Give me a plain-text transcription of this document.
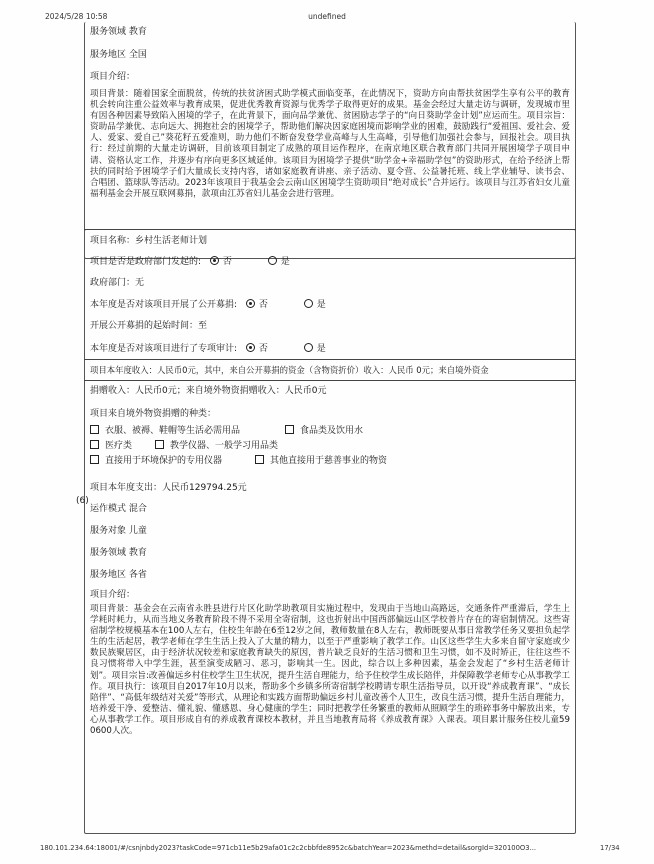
2024/5/28 10:58	undefined
服务领域 教育
服务地区 全国
项目介绍：
项目背景：随着国家全面脱贫，传统的扶贫济困式助学模式面临变革，在此情况下，资助方向由帮扶贫困学生享有公平的教育机会转向注重公益效率与教育成果，促进优秀教育资源与优秀学子取得更好的成果。基金会经过大量走访与调研，发现城市里有因各种因素导致陷入困境的学子，在此背景下，面向品学兼优、贫困励志学子的“向日葵助学金计划”应运而生。项目宗旨：资助品学兼优、志向远大、拥抱社会的困境学子，帮助他们解决因家庭困境而影响学业的困难，鼓励践行“爱祖国、爱社会、爱人、爱家、爱自己”葵花籽五爱准则，助力他们不断奋发登学业高峰与人生高峰，引导他们加强社会参与，回报社会。项目执行：经过前期的大量走访调研，目前该项目制定了成熟的项目运作程序，在南京地区联合教育部门共同开展困境学子项目申请、资格认定工作，并逐步有序向更多区域延伸。该项目为困境学子提供“助学金+幸福助学包”的资助形式，在给予经济上帮扶的同时给予困境学子们大量成长支持内容，诸如家庭教育讲座、亲子活动、夏令营、公益暑托班、线上学业辅导、读书会、合唱团、篮球队等活动。2023年该项目于我基金会云南山区困境学生资助项目“绝对成长”合并运行。该项目与江苏省妇女儿童福利基金会开展互联网募捐，款项由江苏省妇儿基金会进行管理。
(6)
项目名称：乡村生活老师计划
项目是否是政府部门发起的: 否	是
政府部门：无
本年度是否对该项目开展了公开募捐: 否	是
开展公开募捐的起始时间：至
本年度是否对该项目进行了专项审计: 否	是
项目本年度收入：人民币0元，其中，来自公开募捐的资金（含物资折价）收入：人民币 0元；来自境外资金
捐赠收入：人民币0元；来自境外物资捐赠收入：人民币0元
项目来自境外物资捐赠的种类：
衣服、被褥、鞋帽等生活必需用品	食品类及饮用水
医疗类	教学仪器、一般学习用品类
直接用于环境保护的专用仪器	其他直接用于慈善事业的物资
项目本年度支出：人民币129794.25元
运作模式 混合
服务对象 儿童
服务领域 教育
服务地区 各省
项目介绍：
项目背景：基金会在云南省永胜县进行片区化助学助教项目实施过程中，发现由于当地山高路远，交通条件严重滞后，学生上学耗时耗力，从而当地义务教育阶段不得不采用全寄宿制，这也折射出中国西部偏远山区学校普片存在的寄宿制情况。这些寄宿制学校规模基本在100人左右，住校生年龄在6至12岁之间，教师数量在8人左右，教师既要从事日常教学任务又要担负起学生的生活起居，教学老师在学生生活上投入了大量的精力，以至于严重影响了教学工作。山区这些学生大多来自留守家庭或少数民族聚居区，由于经济状况较差和家庭教育缺失的原因，普片缺乏良好的生活习惯和卫生习惯，如不及时矫正，往往这些不良习惯将带入中学生涯，甚至演变成陋习、恶习，影响其一生。因此，综合以上多种因素，基金会发起了“乡村生活老师计划”。项目宗旨:改善偏远乡村住校学生卫生状况，提升生活自理能力，给予住校学生成长陪伴，并保障教学老师专心从事教学工作。项目执行：该项目自2017年10月以来，帮助多个乡镇多所寄宿制学校聘请专职生活指导员，以开设“养成教育课”、“成长陪伴”、“高低年级结对关爱”等形式，从理论和实践方面帮助偏远乡村儿童改善个人卫生，改良生活习惯，提升生活自理能力，培养爱干净、爱整洁、懂礼貌、懂感恩、身心健康的学生；同时把教学任务繁重的教师从照顾学生的琐碎事务中解放出来，专心从事教学工作。项目形成自有的养成教育课校本教材，并且当地教育局将《养成教育课》入课表。项目累计服务住校儿童590600人次。
180.101.234.64:18001/#/csnjnbdy2023?taskCode=971cb11e5b29afa01c2c2cbbfde8952c&batchYear=2023&methd=detail&sorgId=320100O3...	17/34
